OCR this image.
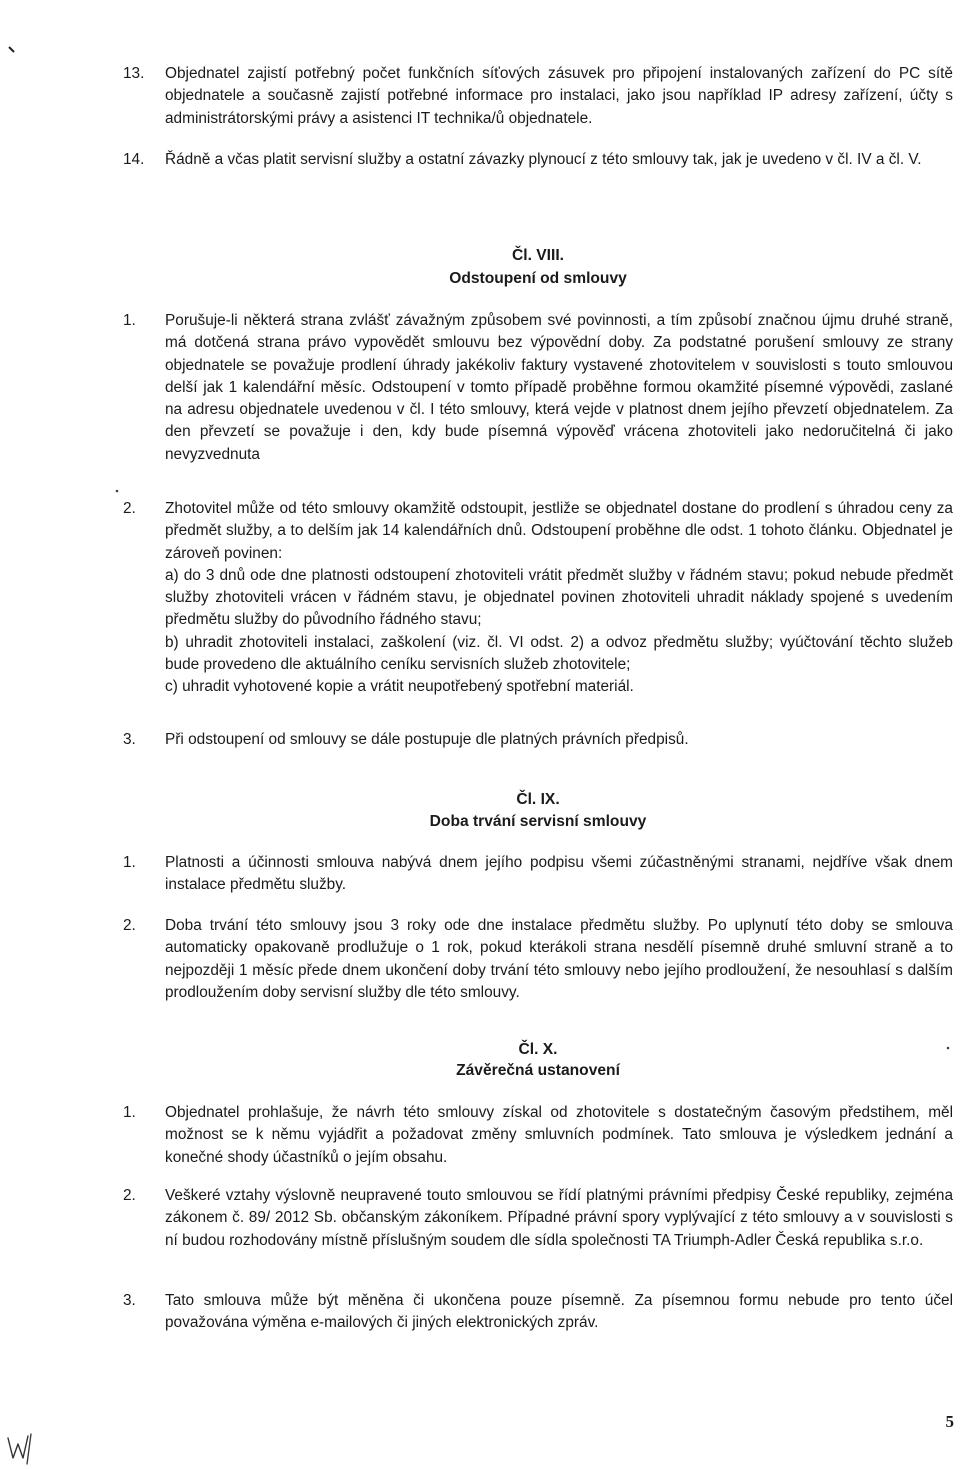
13.	Objednatel zajistí potřebný počet funkčních síťových zásuvek pro připojení instalovaných zařízení do PC sítě objednatele a současně zajistí potřebné informace pro instalaci, jako jsou například IP adresy zařízení, účty s administrátorskými právy a asistenci IT technika/ů objednatele.
14.	Řádně a včas platit servisní služby a ostatní závazky plynoucí z této smlouvy tak, jak je uvedeno v čl. IV a čl. V.
Čl. VIII.
Odstoupení od smlouvy
1.	Porušuje-li některá strana zvlášť závažným způsobem své povinnosti, a tím způsobí značnou újmu druhé straně, má dotčená strana právo vypovědět smlouvu bez výpovědní doby. Za podstatné porušení smlouvy ze strany objednatele se považuje prodlení úhrady jakékoliv faktury vystavené zhotovitelem v souvislosti s touto smlouvou delší jak 1 kalendářní měsíc. Odstoupení v tomto případě proběhne formou okamžité písemné výpovědi, zaslané na adresu objednatele uvedenou v čl. I této smlouvy, která vejde v platnost dnem jejího převzetí objednatelem. Za den převzetí se považuje i den, kdy bude písemná výpověď vrácena zhotoviteli jako nedoručitelná či jako nevyzvednuta
2.	Zhotovitel může od této smlouvy okamžitě odstoupit, jestliže se objednatel dostane do prodlení s úhradou ceny za předmět služby, a to delším jak 14 kalendářních dnů. Odstoupení proběhne dle odst. 1 tohoto článku. Objednatel je zároveň povinen:
a) do 3 dnů ode dne platnosti odstoupení zhotoviteli vrátit předmět služby v řádném stavu; pokud nebude předmět služby zhotoviteli vrácen v řádném stavu, je objednatel povinen zhotoviteli uhradit náklady spojené s uvedením předmětu služby do původního řádného stavu;
b) uhradit zhotoviteli instalaci, zaškolení (viz. čl. VI odst. 2) a odvoz předmětu služby; vyúčtování těchto služeb bude provedeno dle aktuálního ceníku servisních služeb zhotovitele;
c) uhradit vyhotovené kopie a vrátit neupotřebený spotřební materiál.
3.	Při odstoupení od smlouvy se dále postupuje dle platných právních předpisů.
Čl. IX.
Doba trvání servisní smlouvy
1.	Platnosti a účinnosti smlouva nabývá dnem jejího podpisu všemi zúčastněnými stranami, nejdříve však dnem instalace předmětu služby.
2.	Doba trvání této smlouvy jsou 3 roky ode dne instalace předmětu služby. Po uplynutí této doby se smlouva automaticky opakovaně prodlužuje o 1 rok, pokud kterákoli strana nesdělí písemně druhé smluvní straně a to nejpozději 1 měsíc přede dnem ukončení doby trvání této smlouvy nebo jejího prodloužení, že nesouhlasí s dalším prodloužením doby servisní služby dle této smlouvy.
Čl. X.
Závěrečná ustanovení
1.	Objednatel prohlašuje, že návrh této smlouvy získal od zhotovitele s dostatečným časovým předstihem, měl možnost se k němu vyjádřit a požadovat změny smluvních podmínek. Tato smlouva je výsledkem jednání a konečné shody účastníků o jejím obsahu.
2.	Veškeré vztahy výslovně neupravené touto smlouvou se řídí platnými právními předpisy České republiky, zejména zákonem č. 89/ 2012 Sb. občanským zákoníkem. Případné právní spory vyplývající z této smlouvy a v souvislosti s ní budou rozhodovány místně příslušným soudem dle sídla společnosti TA Triumph-Adler Česká republika s.r.o.
3.	Tato smlouva může být měněna či ukončena pouze písemně. Za písemnou formu nebude pro tento účel považována výměna e-mailových či jiných elektronických zpráv.
5
